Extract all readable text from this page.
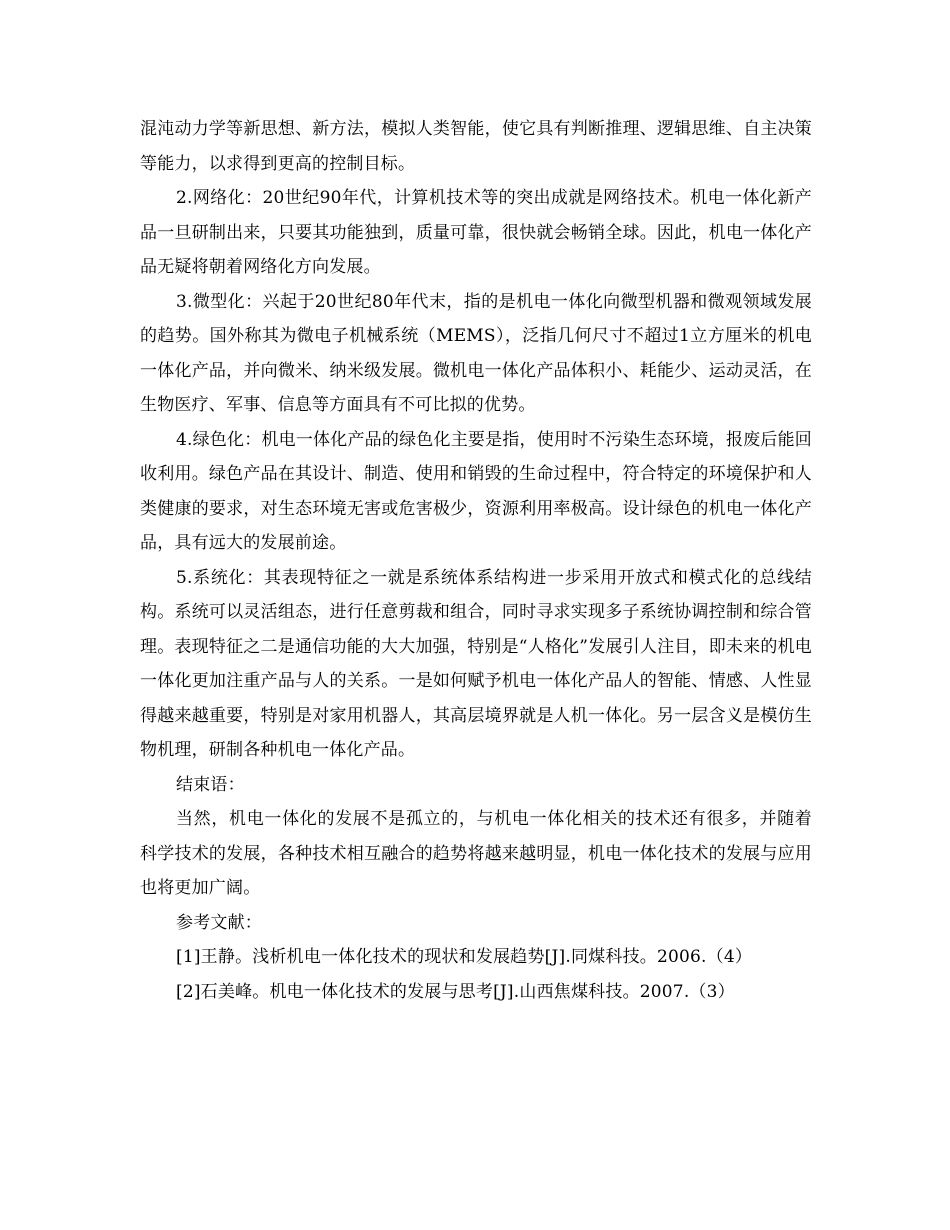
混沌动力学等新思想、新方法，模拟人类智能，使它具有判断推理、逻辑思维、自主决策等能力，以求得到更高的控制目标。

2.网络化：20世纪90年代，计算机技术等的突出成就是网络技术。机电一体化新产品一旦研制出来，只要其功能独到，质量可靠，很快就会畅销全球。因此，机电一体化产品无疑将朝着网络化方向发展。

3.微型化：兴起于20世纪80年代末，指的是机电一体化向微型机器和微观领域发展的趋势。国外称其为微电子机械系统（MEMS），泛指几何尺寸不超过1立方厘米的机电一体化产品，并向微米、纳米级发展。微机电一体化产品体积小、耗能少、运动灵活，在生物医疗、军事、信息等方面具有不可比拟的优势。

4.绿色化：机电一体化产品的绿色化主要是指，使用时不污染生态环境，报废后能回收利用。绿色产品在其设计、制造、使用和销毁的生命过程中，符合特定的环境保护和人类健康的要求，对生态环境无害或危害极少，资源利用率极高。设计绿色的机电一体化产品，具有远大的发展前途。

5.系统化：其表现特征之一就是系统体系结构进一步采用开放式和模式化的总线结构。系统可以灵活组态，进行任意剪裁和组合，同时寻求实现多子系统协调控制和综合管理。表现特征之二是通信功能的大大加强，特别是“人格化”发展引人注目，即未来的机电一体化更加注重产品与人的关系。一是如何赋予机电一体化产品人的智能、情感、人性显得越来越重要，特别是对家用机器人，其高层境界就是人机一体化。另一层含义是模仿生物机理，研制各种机电一体化产品。

结束语：

当然，机电一体化的发展不是孤立的，与机电一体化相关的技术还有很多，并随着科学技术的发展，各种技术相互融合的趋势将越来越明显，机电一体化技术的发展与应用也将更加广阔。

参考文献：

[1]王静。浅析机电一体化技术的现状和发展趋势[J].同煤科技。2006.（4）

[2]石美峰。机电一体化技术的发展与思考[J].山西焦煤科技。2007.（3）
